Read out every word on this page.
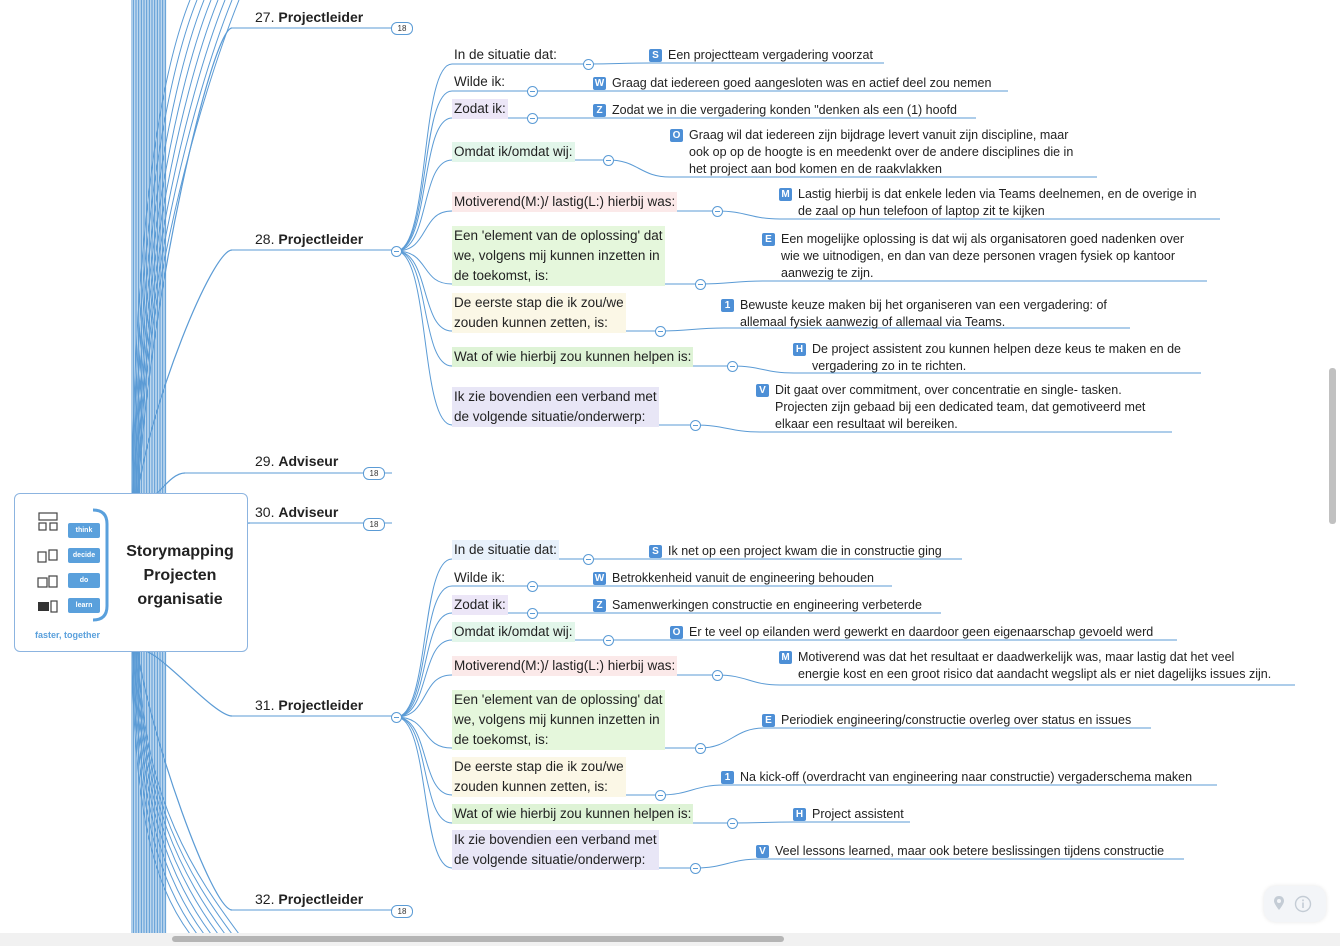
think
decide
do
learn
faster, together
Storymapping
Projecten
organisatie
27. Projectleider
18
28. Projectleider
29. Adviseur
18
30. Adviseur
18
31. Projectleider
32. Projectleider
18
In de situatie dat:
Wilde ik:
Zodat ik:
Omdat ik/omdat wij:
Motiverend(M:)/ lastig(L:) hierbij was:
Een 'element van de oplossing' dat
we, volgens mij kunnen inzetten in
de toekomst, is:
De eerste stap die ik zou/we
zouden kunnen zetten, is:
Wat of wie hierbij zou kunnen helpen is:
Ik zie bovendien een verband met
de volgende situatie/onderwerp:
S Een projectteam vergadering voorzat
W Graag dat iedereen goed aangesloten was en actief deel zou nemen
Z Zodat we in die vergadering konden "denken als een (1) hoofd
O Graag wil dat iedereen zijn bijdrage levert vanuit zijn discipline, maar
ook op op de hoogte is en meedenkt over de andere disciplines die in
het project aan bod komen en de raakvlakken
M Lastig hierbij is dat enkele leden via Teams deelnemen, en de overige in
de zaal op hun telefoon of laptop zit te kijken
E Een mogelijke oplossing is dat wij als organisatoren goed nadenken over
wie we uitnodigen, en dan van deze personen vragen fysiek op kantoor
aanwezig te zijn.
1 Bewuste keuze maken bij het organiseren van een vergadering: of
allemaal fysiek aanwezig of allemaal via Teams.
H De project assistent zou kunnen helpen deze keus te maken en de
vergadering zo in te richten.
V Dit gaat over commitment, over concentratie en single- tasken.
Projecten zijn gebaad bij een dedicated team, dat gemotiveerd met
elkaar een resultaat wil bereiken.
In de situatie dat:
Wilde ik:
Zodat ik:
Omdat ik/omdat wij:
Motiverend(M:)/ lastig(L:) hierbij was:
Een 'element van de oplossing' dat
we, volgens mij kunnen inzetten in
de toekomst, is:
De eerste stap die ik zou/we
zouden kunnen zetten, is:
Wat of wie hierbij zou kunnen helpen is:
Ik zie bovendien een verband met
de volgende situatie/onderwerp:
S Ik net op een project kwam die in constructie ging
W Betrokkenheid vanuit de engineering behouden
Z Samenwerkingen constructie en engineering verbeterde
O Er te veel op eilanden werd gewerkt en daardoor geen eigenaarschap gevoeld werd
M Motiverend was dat het resultaat er daadwerkelijk was, maar lastig dat het veel
energie kost en een groot risico dat aandacht wegslipt als er niet dagelijks issues zijn.
E Periodiek engineering/constructie overleg over status en issues
1 Na kick-off (overdracht van engineering naar constructie) vergaderschema maken
H Project assistent
V Veel lessons learned, maar ook betere beslissingen tijdens constructie
